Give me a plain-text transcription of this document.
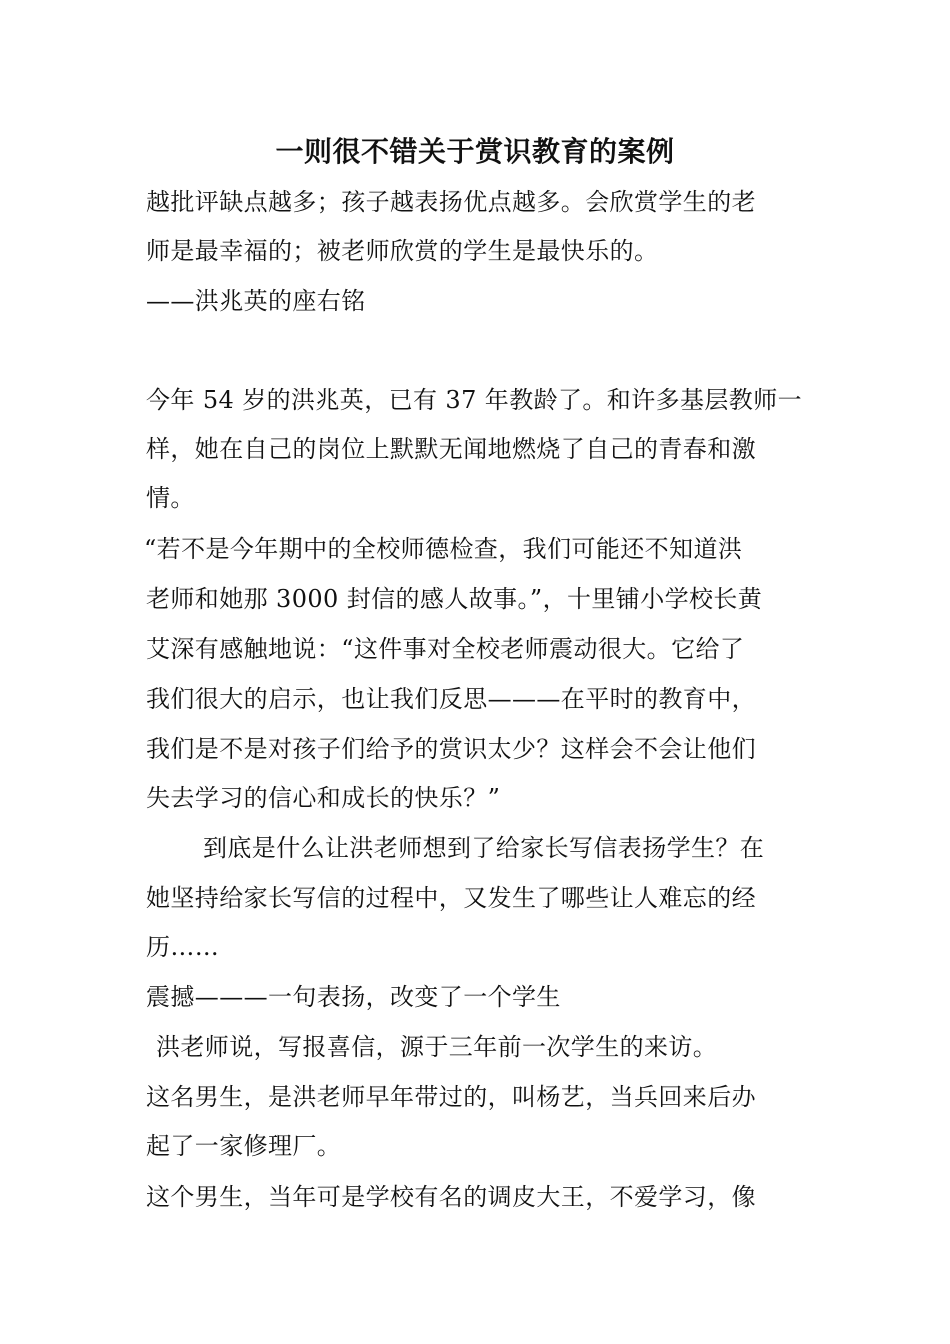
一则很不错关于赏识教育的案例
越批评缺点越多；孩子越表扬优点越多。会欣赏学生的老
师是最幸福的；被老师欣赏的学生是最快乐的。
——洪兆英的座右铭
今年 54 岁的洪兆英，已有 37 年教龄了。和许多基层教师一
样，她在自己的岗位上默默无闻地燃烧了自己的青春和激
情。
“若不是今年期中的全校师德检查，我们可能还不知道洪
老师和她那 3000 封信的感人故事。”，十里铺小学校长黄
艾深有感触地说：“这件事对全校老师震动很大。它给了
我们很大的启示，也让我们反思———在平时的教育中，
我们是不是对孩子们给予的赏识太少？这样会不会让他们
失去学习的信心和成长的快乐？”
到底是什么让洪老师想到了给家长写信表扬学生？在
她坚持给家长写信的过程中，又发生了哪些让人难忘的经
历……
震撼———一句表扬，改变了一个学生
洪老师说，写报喜信，源于三年前一次学生的来访。
这名男生，是洪老师早年带过的，叫杨艺，当兵回来后办
起了一家修理厂。
这个男生，当年可是学校有名的调皮大王，不爱学习，像
